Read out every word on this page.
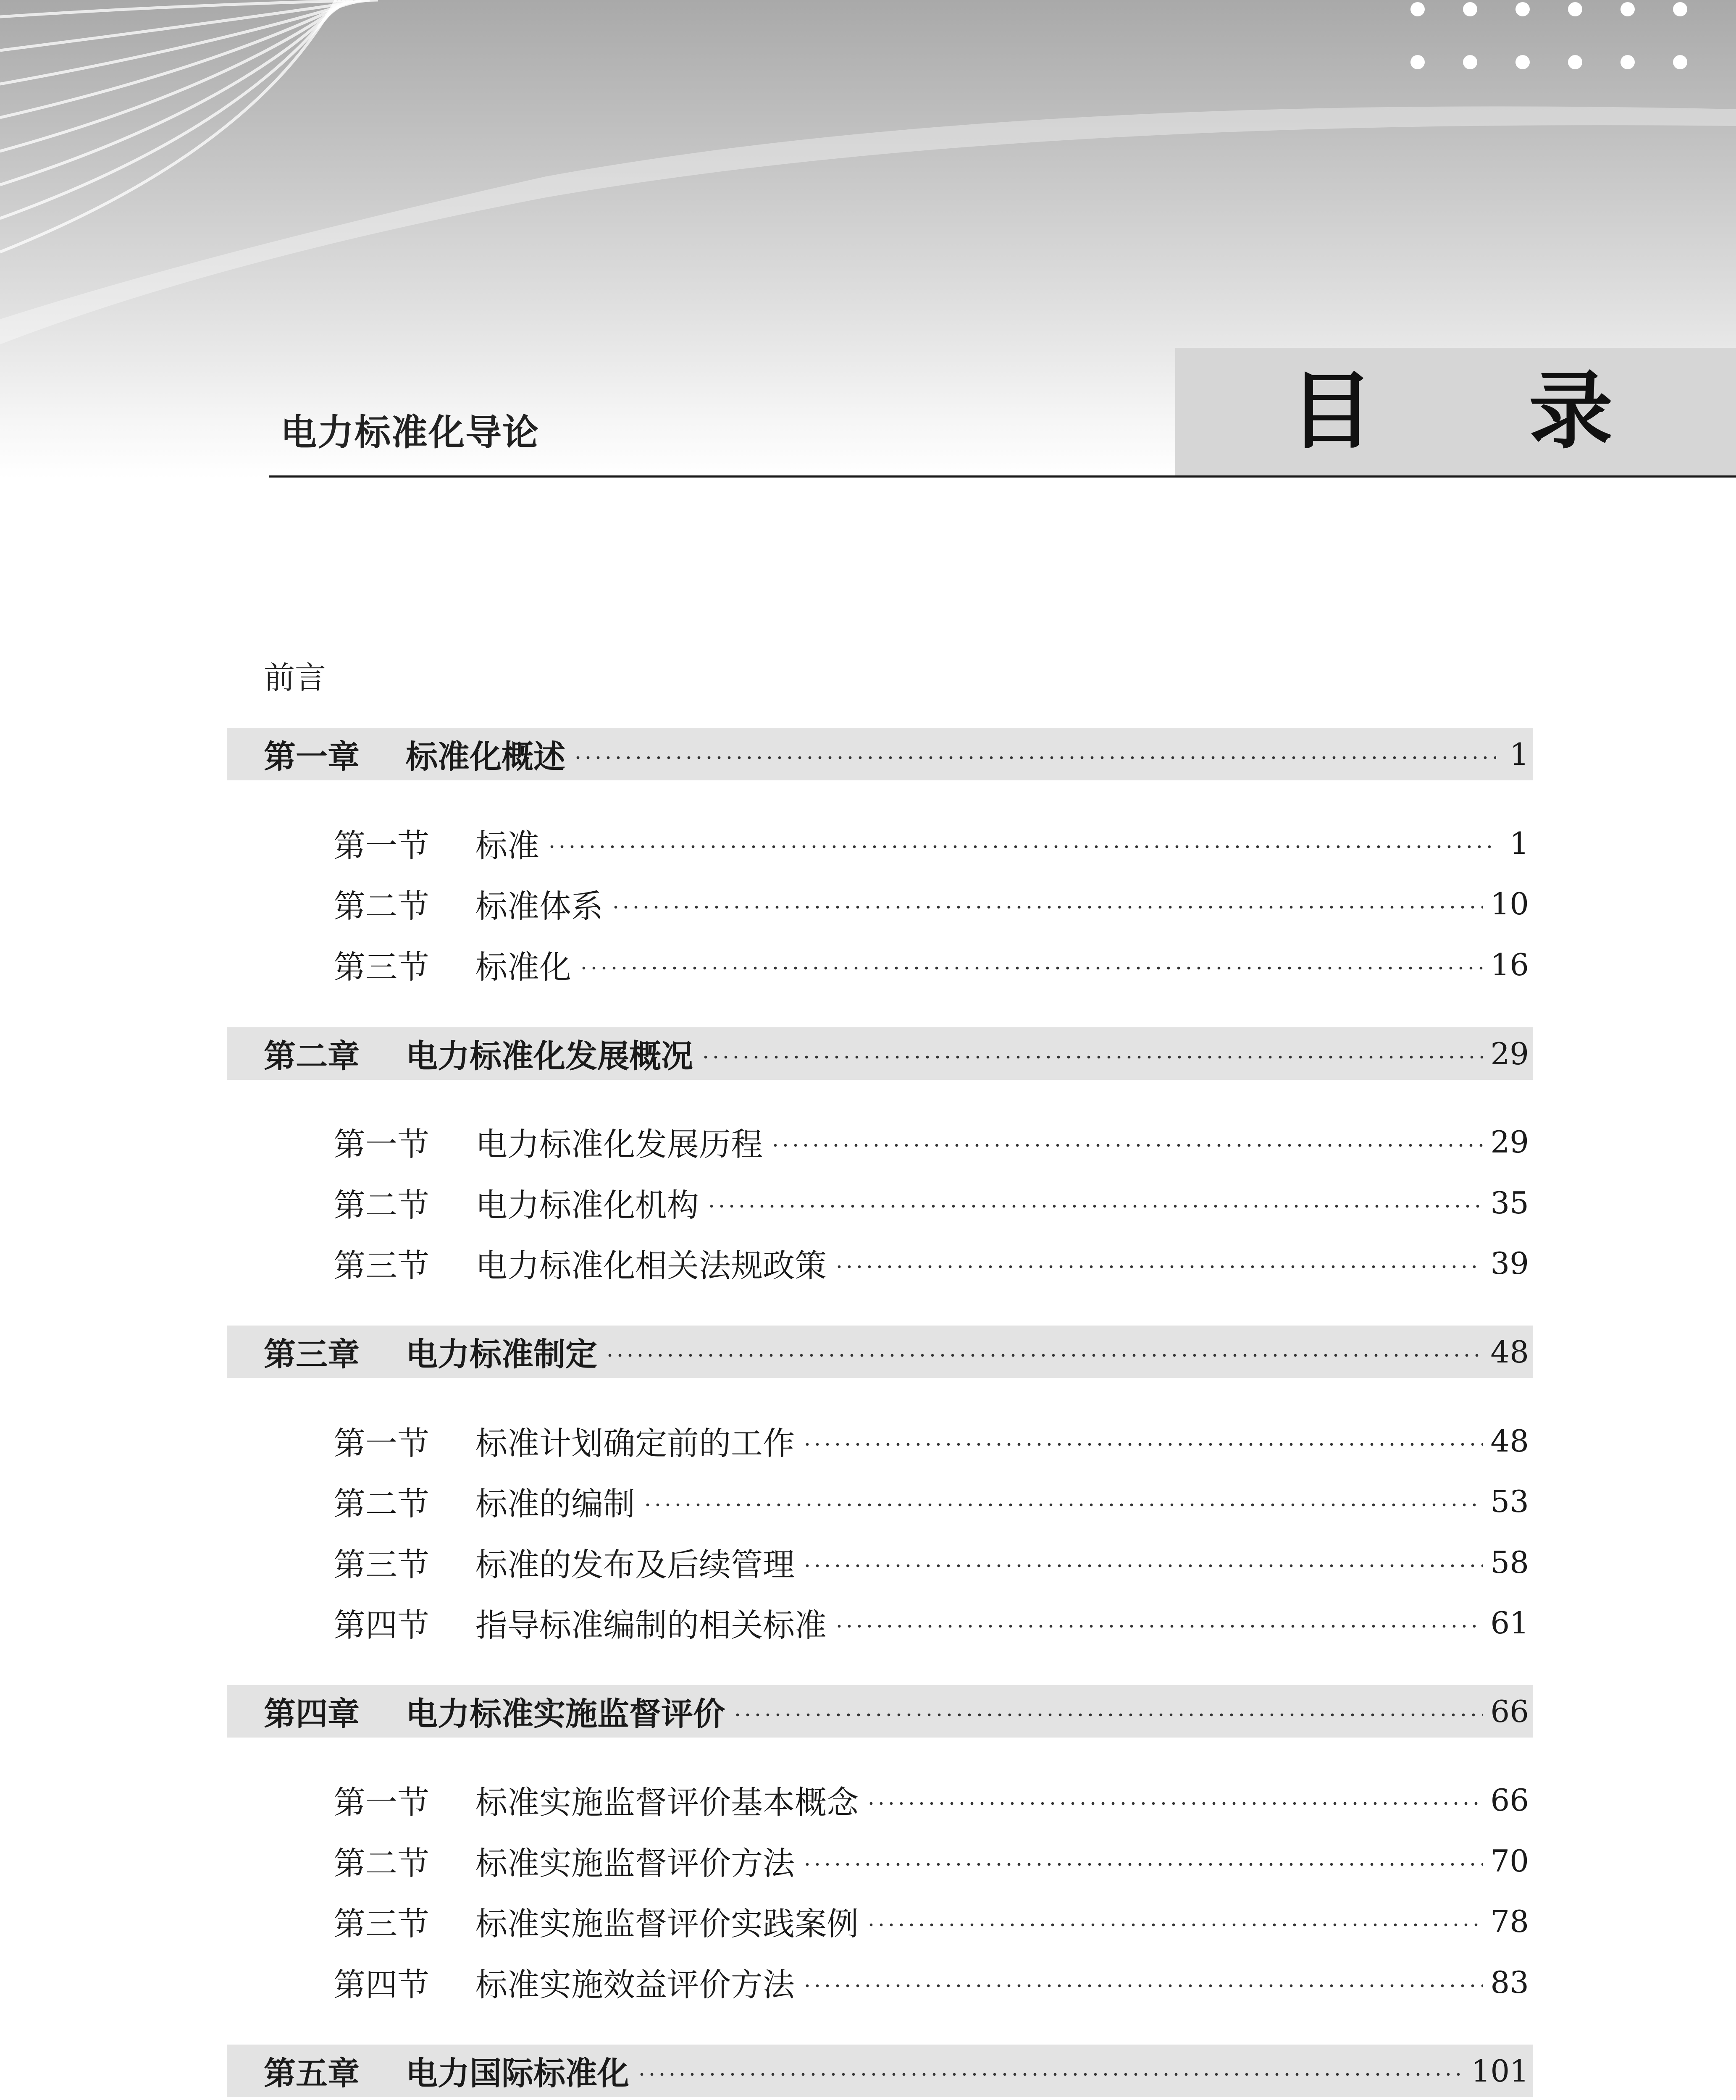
电力标准化导论	目 录
前言
第一章	标准化概述	1
第一节	标准	1
第二节	标准体系	10
第三节	标准化	16
第二章	电力标准化发展概况	29
第一节	电力标准化发展历程	29
第二节	电力标准化机构	35
第三节	电力标准化相关法规政策	39
第三章	电力标准制定	48
第一节	标准计划确定前的工作	48
第二节	标准的编制	53
第三节	标准的发布及后续管理	58
第四节	指导标准编制的相关标准	61
第四章	电力标准实施监督评价	66
第一节	标准实施监督评价基本概念	66
第二节	标准实施监督评价方法	70
第三节	标准实施监督评价实践案例	78
第四节	标准实施效益评价方法	83
第五章	电力国际标准化	101
